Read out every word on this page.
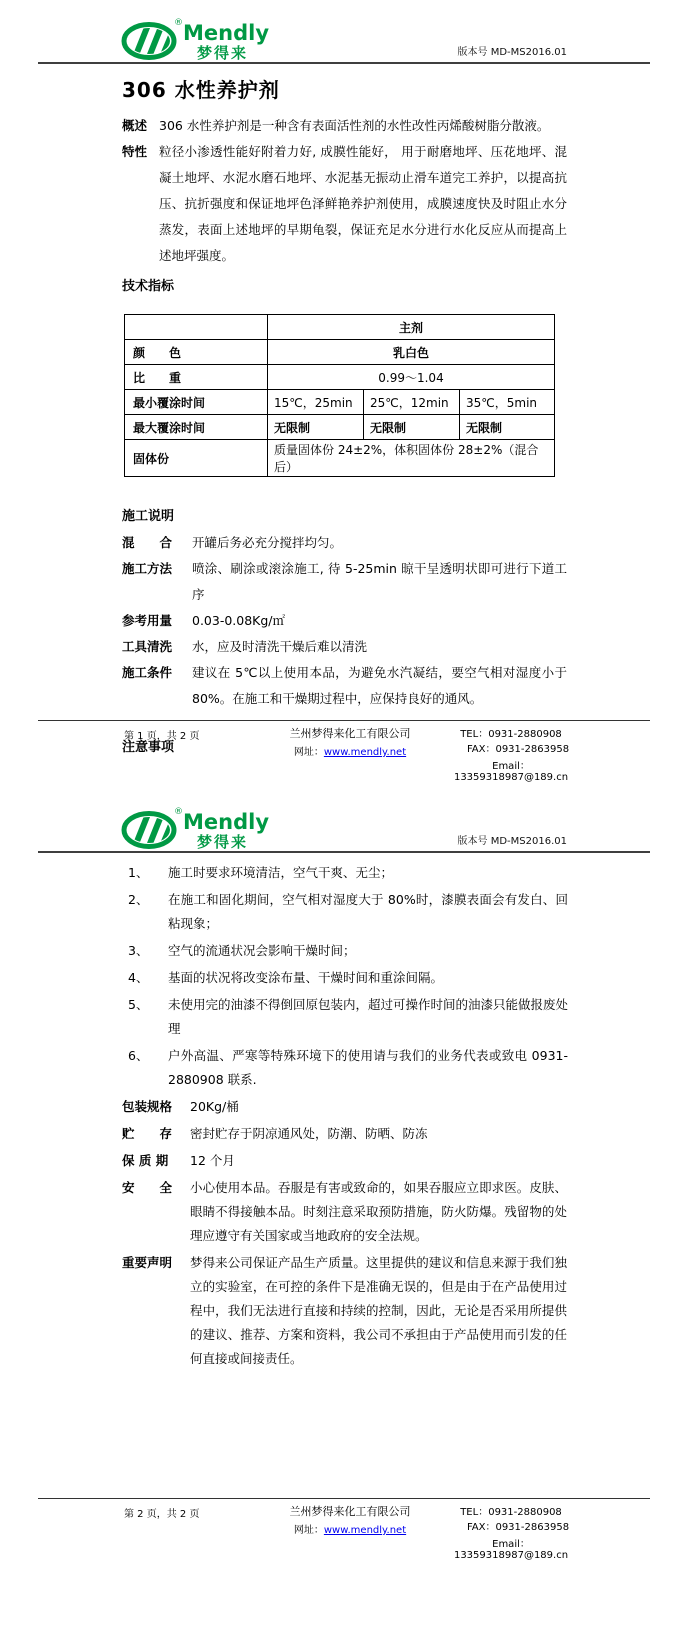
® Mendly
梦得来	版本号 MD-MS2016.01
306 水性养护剂
概述 306 水性养护剂是一种含有表面活性剂的水性改性丙烯酸树脂分散液。
特性 粒径小渗透性能好附着力好, 成膜性能好， 用于耐磨地坪、压花地坪、混凝土地坪、水泥水磨石地坪、水泥基无振动止滑车道完工养护，以提高抗压、抗折强度和保证地坪色泽鲜艳养护剂使用，成膜速度快及时阻止水分蒸发，表面上述地坪的早期龟裂，保证充足水分进行水化反应从而提高上述地坪强度。
技术指标
	主剂		
颜　　色	乳白色		
比　　重	0.99～1.04		
最小覆涂时间	15℃，25min	25℃，12min	35℃，5min
最大覆涂时间	无限制	无限制	无限制
固体份	质量固体份 24±2%，体积固体份 28±2%（混合后）		
施工说明
混　　合	开罐后务必充分搅拌均匀。
施工方法	喷涂、刷涂或滚涂施工, 待 5-25min 晾干呈透明状即可进行下道工序
参考用量	0.03-0.08Kg/㎡
工具清洗	水，应及时清洗干燥后难以清洗
施工条件	建议在 5℃以上使用本品，为避免水汽凝结，要空气相对湿度小于 80%。在施工和干燥期过程中，应保持良好的通风。
注意事项
第 1 页，共 2 页	兰州梦得来化工有限公司
网址：www.mendly.net
TEL：0931-2880908FAX：0931-2863958
Email：13359318987@189.cn
® Mendly
梦得来	版本号 MD-MS2016.01
1、	施工时要求环境清洁，空气干爽、无尘；
2、	在施工和固化期间，空气相对湿度大于 80%时，漆膜表面会有发白、回粘现象；
3、	空气的流通状况会影响干燥时间；
4、	基面的状况将改变涂布量、干燥时间和重涂间隔。
5、	未使用完的油漆不得倒回原包装内，超过可操作时间的油漆只能做报废处理
6、	户外高温、严寒等特殊环境下的使用请与我们的业务代表或致电 0931-2880908 联系.
包装规格	20Kg/桶
贮　　存	密封贮存于阴凉通风处，防潮、防晒、防冻
保 质 期	12 个月
安　　全	小心使用本品。吞服是有害或致命的，如果吞服应立即求医。皮肤、眼睛不得接触本品。时刻注意采取预防措施，防火防爆。残留物的处理应遵守有关国家或当地政府的安全法规。
重要声明	梦得来公司保证产品生产质量。这里提供的建议和信息来源于我们独立的实验室，在可控的条件下是准确无误的，但是由于在产品使用过程中，我们无法进行直接和持续的控制，因此，无论是否采用所提供的建议、推荐、方案和资料，我公司不承担由于产品使用而引发的任何直接或间接责任。
第 2 页，共 2 页	兰州梦得来化工有限公司
网址：www.mendly.net
TEL：0931-2880908FAX：0931-2863958
Email：13359318987@189.cn
